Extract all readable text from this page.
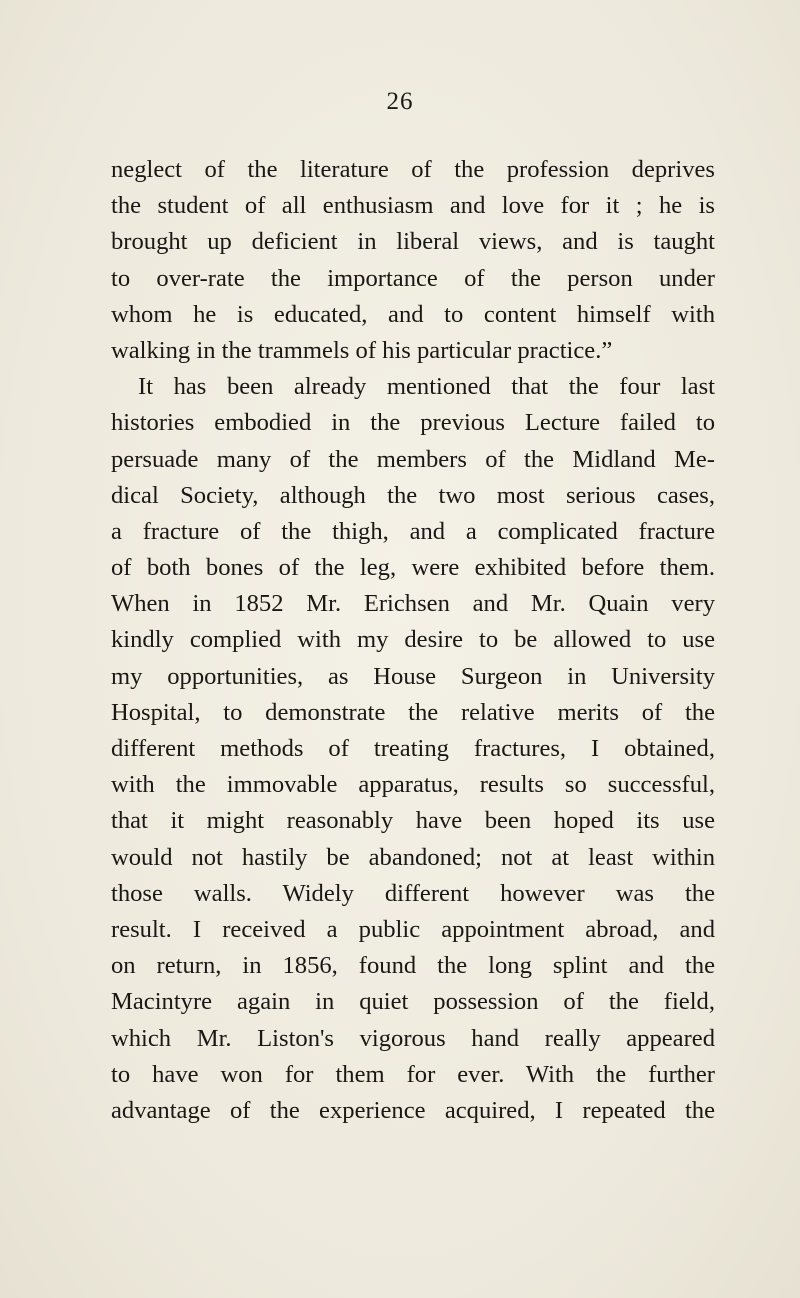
26
neglect of the literature of the profession deprives
the student of all enthusiasm and love for it ; he is
brought up deficient in liberal views, and is taught
to over-rate the importance of the person under
whom he is educated, and to content himself with
walking in the trammels of his particular practice.”
It has been already mentioned that the four last
histories embodied in the previous Lecture failed to
persuade many of the members of the Midland Me-
dical Society, although the two most serious cases,
a fracture of the thigh, and a complicated fracture
of both bones of the leg, were exhibited before them.
When in 1852 Mr. Erichsen and Mr. Quain very
kindly complied with my desire to be allowed to use
my opportunities, as House Surgeon in University
Hospital, to demonstrate the relative merits of the
different methods of treating fractures, I obtained,
with the immovable apparatus, results so successful,
that it might reasonably have been hoped its use
would not hastily be abandoned; not at least within
those walls. Widely different however was the
result. I received a public appointment abroad, and
on return, in 1856, found the long splint and the
Macintyre again in quiet possession of the field,
which Mr. Liston's vigorous hand really appeared
to have won for them for ever. With the further
advantage of the experience acquired, I repeated the
